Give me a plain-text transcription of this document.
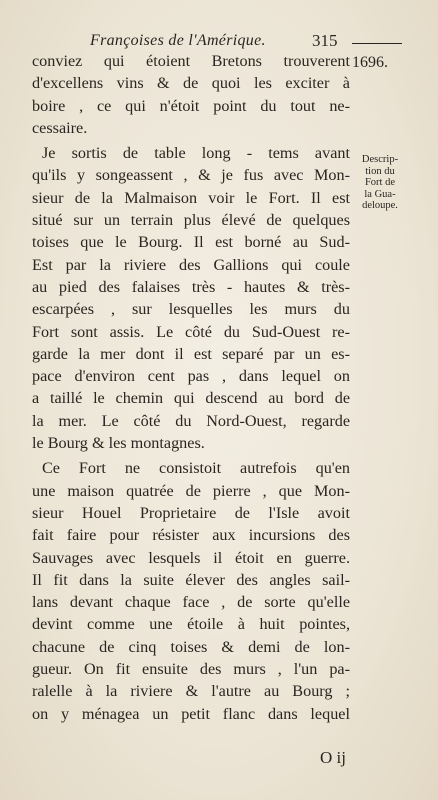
Françoises de l'Amérique.	315
1696.
Descrip-
tion du
Fort de
la Gua-
deloupe.
conviez qui étoient Bretons trouverent
d'excellens vins & de quoi les exciter à
boire , ce qui n'étoit point du tout ne-
cessaire.
Je sortis de table long - tems avant
qu'ils y songeassent , & je fus avec Mon-
sieur de la Malmaison voir le Fort. Il est
situé sur un terrain plus élevé de quelques
toises que le Bourg. Il est borné au Sud-
Est par la riviere des Gallions qui coule
au pied des falaises très - hautes & très-
escarpées , sur lesquelles les murs du
Fort sont assis. Le côté du Sud-Ouest re-
garde la mer dont il est separé par un es-
pace d'environ cent pas , dans lequel on
a taillé le chemin qui descend au bord de
la mer. Le côté du Nord-Ouest, regarde
le Bourg & les montagnes.
Ce Fort ne consistoit autrefois qu'en
une maison quatrée de pierre , que Mon-
sieur Houel Proprietaire de l'Isle avoit
fait faire pour résister aux incursions des
Sauvages avec lesquels il étoit en guerre.
Il fit dans la suite élever des angles sail-
lans devant chaque face , de sorte qu'elle
devint comme une étoile à huit pointes,
chacune de cinq toises & demi de lon-
gueur. On fit ensuite des murs , l'un pa-
ralelle à la riviere & l'autre au Bourg ;
on y ménagea un petit flanc dans lequel
O ij
